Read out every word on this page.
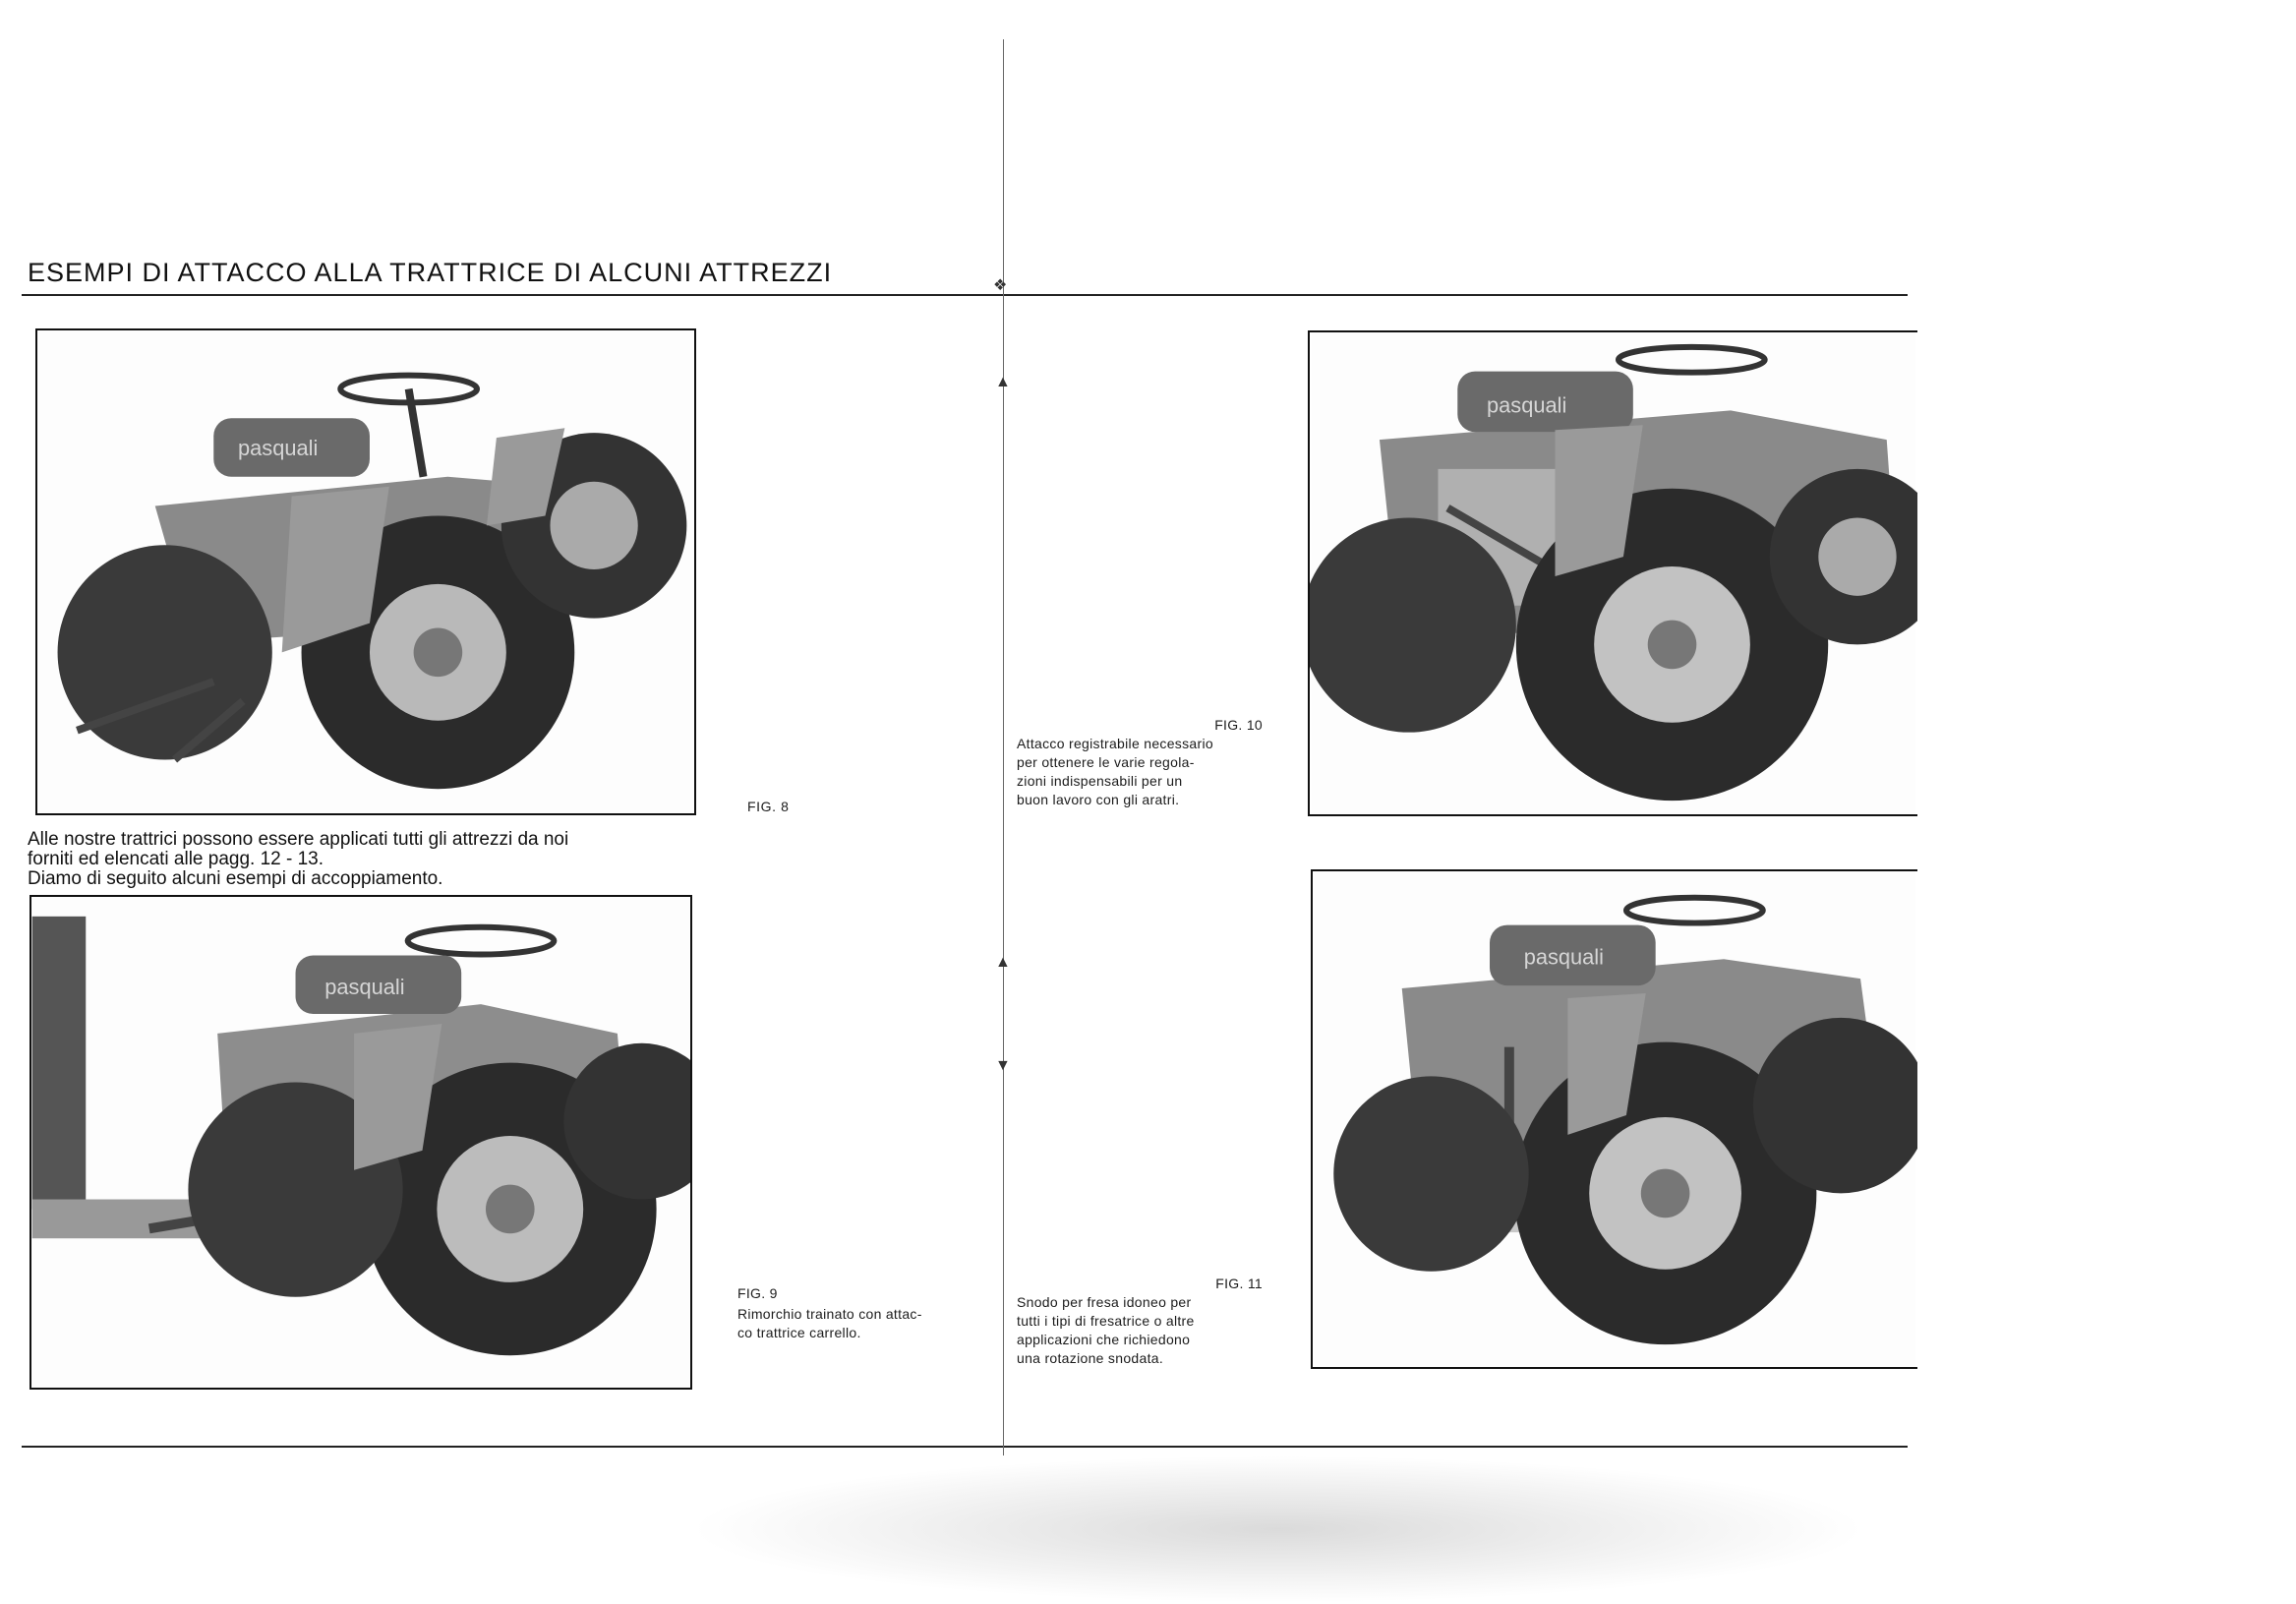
ESEMPI DI ATTACCO ALLA TRATTRICE DI ALCUNI ATTREZZI	❖
▲
▲
▼
pasquali
FIG. 8

Alle nostre trattrici possono essere applicati tutti gli attrezzi da noi

forniti ed elencati alle pagg. 12 - 13.

Diamo di seguito alcuni esempi di accoppiamento.

pasquali
FIG. 9
Rimorchio trainato con attac-
co trattrice carrello.
pasquali
FIG. 10
Attacco registrabile necessario
per ottenere le varie regola-
zioni indispensabili per un
buon lavoro con gli aratri.
pasquali
FIG. 11
Snodo per fresa idoneo per
tutti i tipi di fresatrice o altre
applicazioni che richiedono
una rotazione snodata.
